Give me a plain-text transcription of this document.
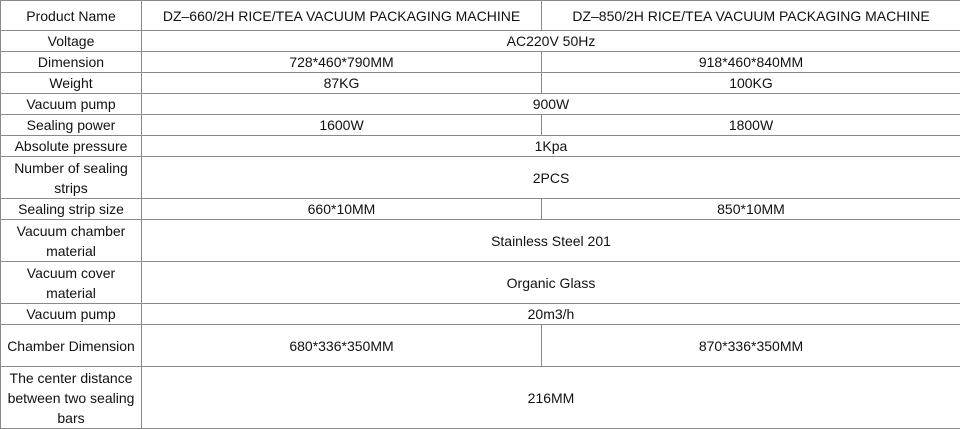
Product Name	DZ–660/2H RICE/TEA VACUUM PACKAGING MACHINE	DZ–850/2H RICE/TEA VACUUM PACKAGING MACHINE
Voltage	AC220V 50Hz	
Dimension	728*460*790MM	918*460*840MM
Weight	87KG	100KG
Vacuum pump	900W	
Sealing power	1600W	1800W
Absolute pressure	1Kpa	
Number of sealing strips	2PCS	
Sealing strip size	660*10MM	850*10MM
Vacuum chamber material	Stainless Steel 201	
Vacuum cover material	Organic Glass	
Vacuum pump	20m3/h	
Chamber Dimension	680*336*350MM	870*336*350MM
The center distance between two sealing bars	216MM	
